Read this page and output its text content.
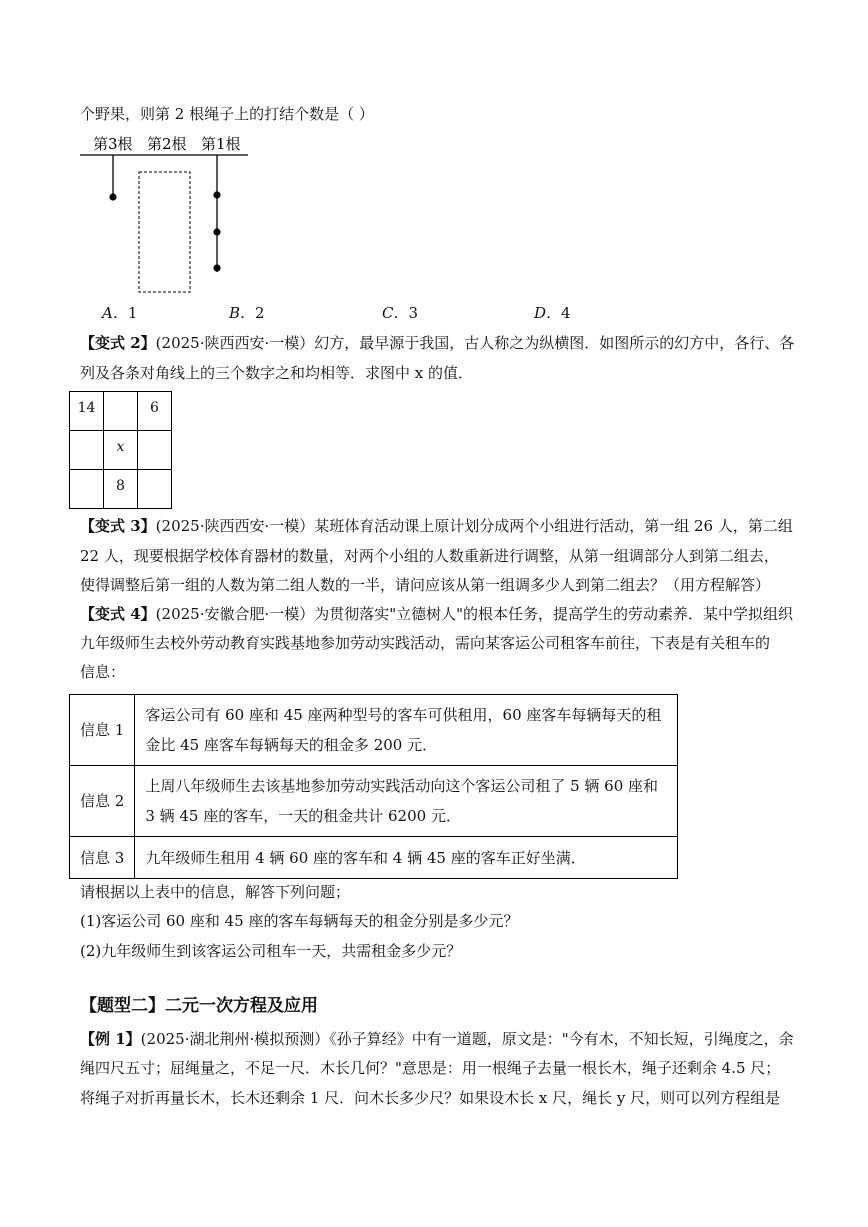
个野果，则第 2 根绳子上的打结个数是（ ）
第3根 第2根 第1根
A．1	B．2	C．3	D．4
【变式 2】(2025·陕西西安·一模）幻方，最早源于我国，古人称之为纵横图．如图所示的幻方中，各行、各
列及各条对角线上的三个数字之和均相等．求图中 x 的值．
14		6

	x	

	8	

【变式 3】(2025·陕西西安·一模）某班体育活动课上原计划分成两个小组进行活动，第一组 26 人，第二组
22 人，现要根据学校体育器材的数量，对两个小组的人数重新进行调整，从第一组调部分人到第二组去，
使得调整后第一组的人数为第二组人数的一半，请问应该从第一组调多少人到第二组去？（用方程解答）
【变式 4】(2025·安徽合肥·一模）为贯彻落实"立德树人"的根本任务，提高学生的劳动素养．某中学拟组织
九年级师生去校外劳动教育实践基地参加劳动实践活动，需向某客运公司租客车前往，下表是有关租车的
信息：
信息 1	客运公司有 60 座和 45 座两种型号的客车可供租用，60 座客车每辆每天的租金比 45 座客车每辆每天的租金多 200 元．
信息 2	上周八年级师生去该基地参加劳动实践活动向这个客运公司租了 5 辆 60 座和 3 辆 45 座的客车，一天的租金共计 6200 元．
信息 3	九年级师生租用 4 辆 60 座的客车和 4 辆 45 座的客车正好坐满．
请根据以上表中的信息，解答下列问题；
(1)客运公司 60 座和 45 座的客车每辆每天的租金分别是多少元？
(2)九年级师生到该客运公司租车一天，共需租金多少元？
【题型二】二元一次方程及应用
【例 1】(2025·湖北荆州·模拟预测）《孙子算经》中有一道题，原文是："今有木，不知长短，引绳度之，余
绳四尺五寸；屈绳量之，不足一尺．木长几何？"意思是：用一根绳子去量一根长木，绳子还剩余 4.5 尺；
将绳子对折再量长木，长木还剩余 1 尺．问木长多少尺？如果设木长 x 尺，绳长 y 尺，则可以列方程组是
